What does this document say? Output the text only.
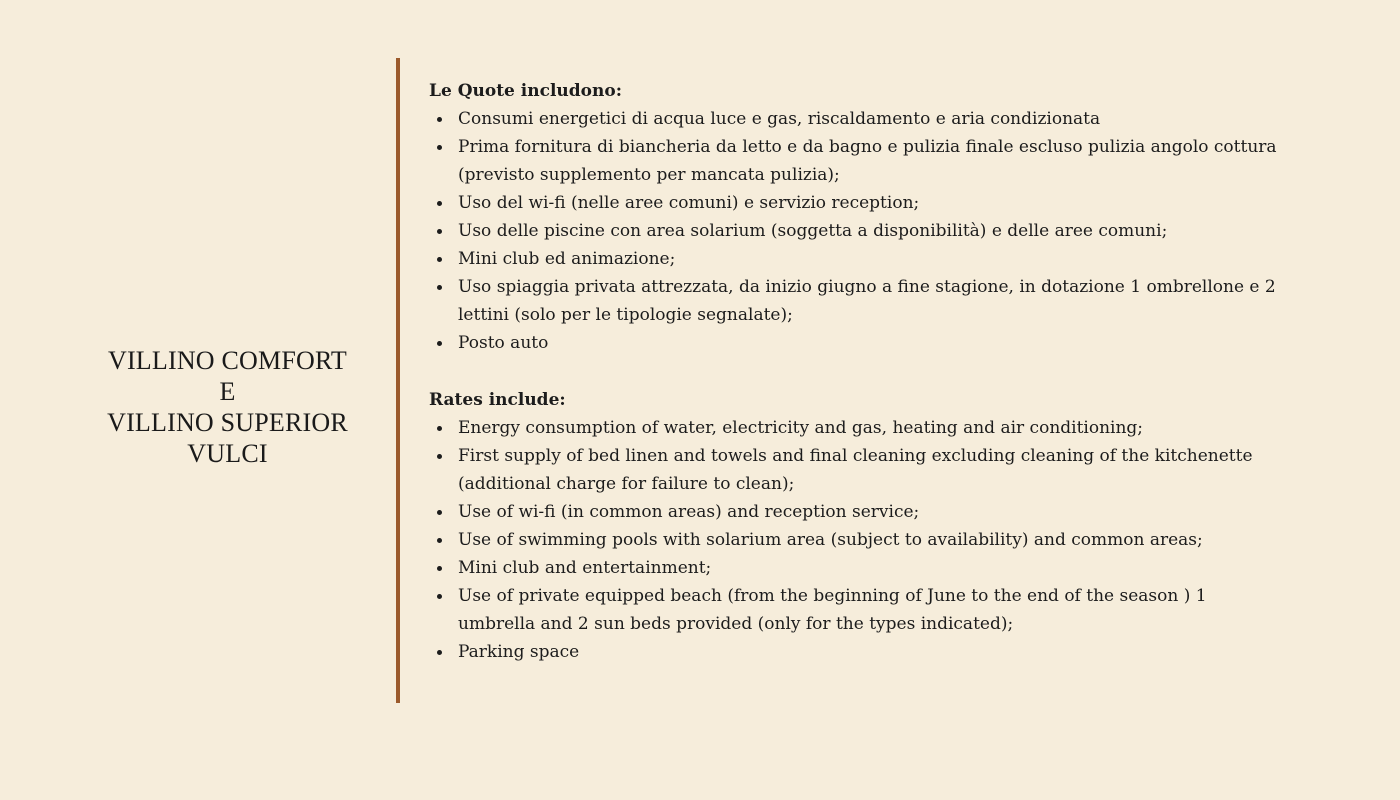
VILLINO COMFORT
E
VILLINO SUPERIOR
VULCI

Le Quote includono:

Consumi energetici di acqua luce e gas, riscaldamento e aria condizionata
Prima fornitura di biancheria da letto e da bagno e pulizia finale escluso pulizia angolo cottura (previsto supplemento per mancata pulizia);
Uso del wi-fi (nelle aree comuni) e servizio reception;
Uso delle piscine con area solarium (soggetta a disponibilità) e delle aree comuni;
Mini club ed animazione;
Uso spiaggia privata attrezzata, da inizio giugno a fine stagione, in dotazione 1 ombrellone e 2 lettini (solo per le tipologie segnalate);
Posto auto

Rates include:

Energy consumption of water, electricity and gas, heating and air conditioning;
First supply of bed linen and towels and final cleaning excluding cleaning of the kitchenette (additional charge for failure to clean);
Use of wi-fi (in common areas) and reception service;
Use of swimming pools with solarium area (subject to availability) and common areas;
Mini club and entertainment;
Use of private equipped beach (from the beginning of June to the end of the season ) 1 umbrella and 2 sun beds provided (only for the types indicated);
Parking space
